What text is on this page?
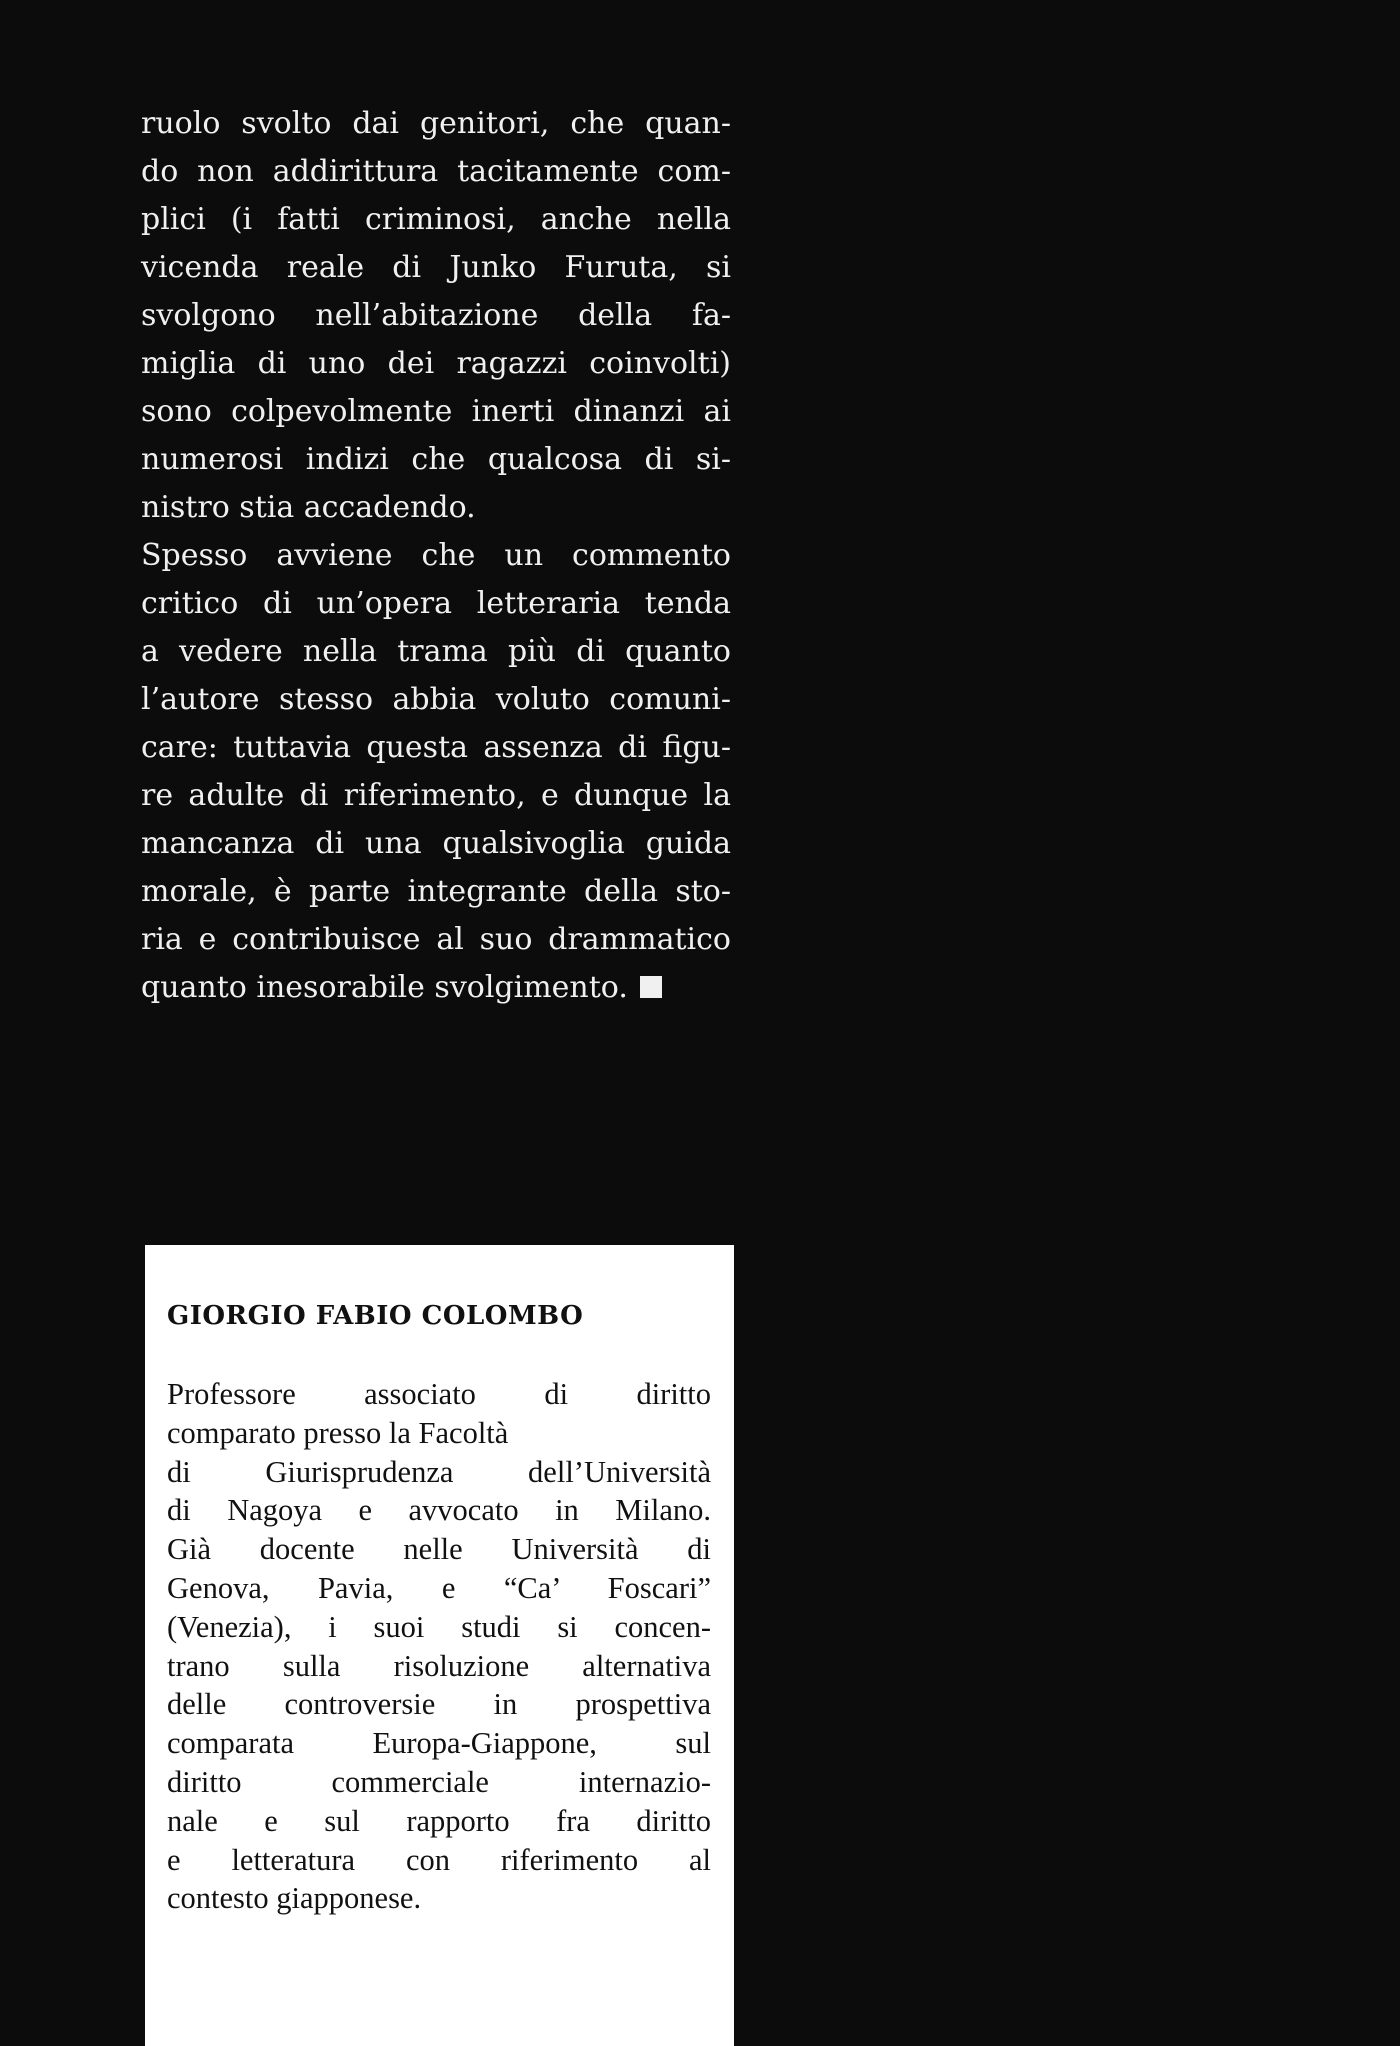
ruolo svolto dai genitori, che quan-
do non addirittura tacitamente com-
plici (i fatti criminosi, anche nella
vicenda reale di Junko Furuta, si
svolgono nell’abitazione della fa-
miglia di uno dei ragazzi coinvolti)
sono colpevolmente inerti dinanzi ai
numerosi indizi che qualcosa di si-
nistro stia accadendo.
Spesso avviene che un commento
critico di un’opera letteraria tenda
a vedere nella trama più di quanto
l’autore stesso abbia voluto comuni-
care: tuttavia questa assenza di figu-
re adulte di riferimento, e dunque la
mancanza di una qualsivoglia guida
morale, è parte integrante della sto-
ria e contribuisce al suo drammatico
quanto inesorabile svolgimento.
GIORGIO FABIO COLOMBO
Professore associato di diritto
comparato presso la Facoltà
di Giurisprudenza dell’Università
di Nagoya e avvocato in Milano.
Già docente nelle Università di
Genova, Pavia, e “Ca’ Foscari”
(Venezia), i suoi studi si concen-
trano sulla risoluzione alternativa
delle controversie in prospettiva
comparata Europa-Giappone, sul
diritto commerciale internazio-
nale e sul rapporto fra diritto
e letteratura con riferimento al
contesto giapponese.
